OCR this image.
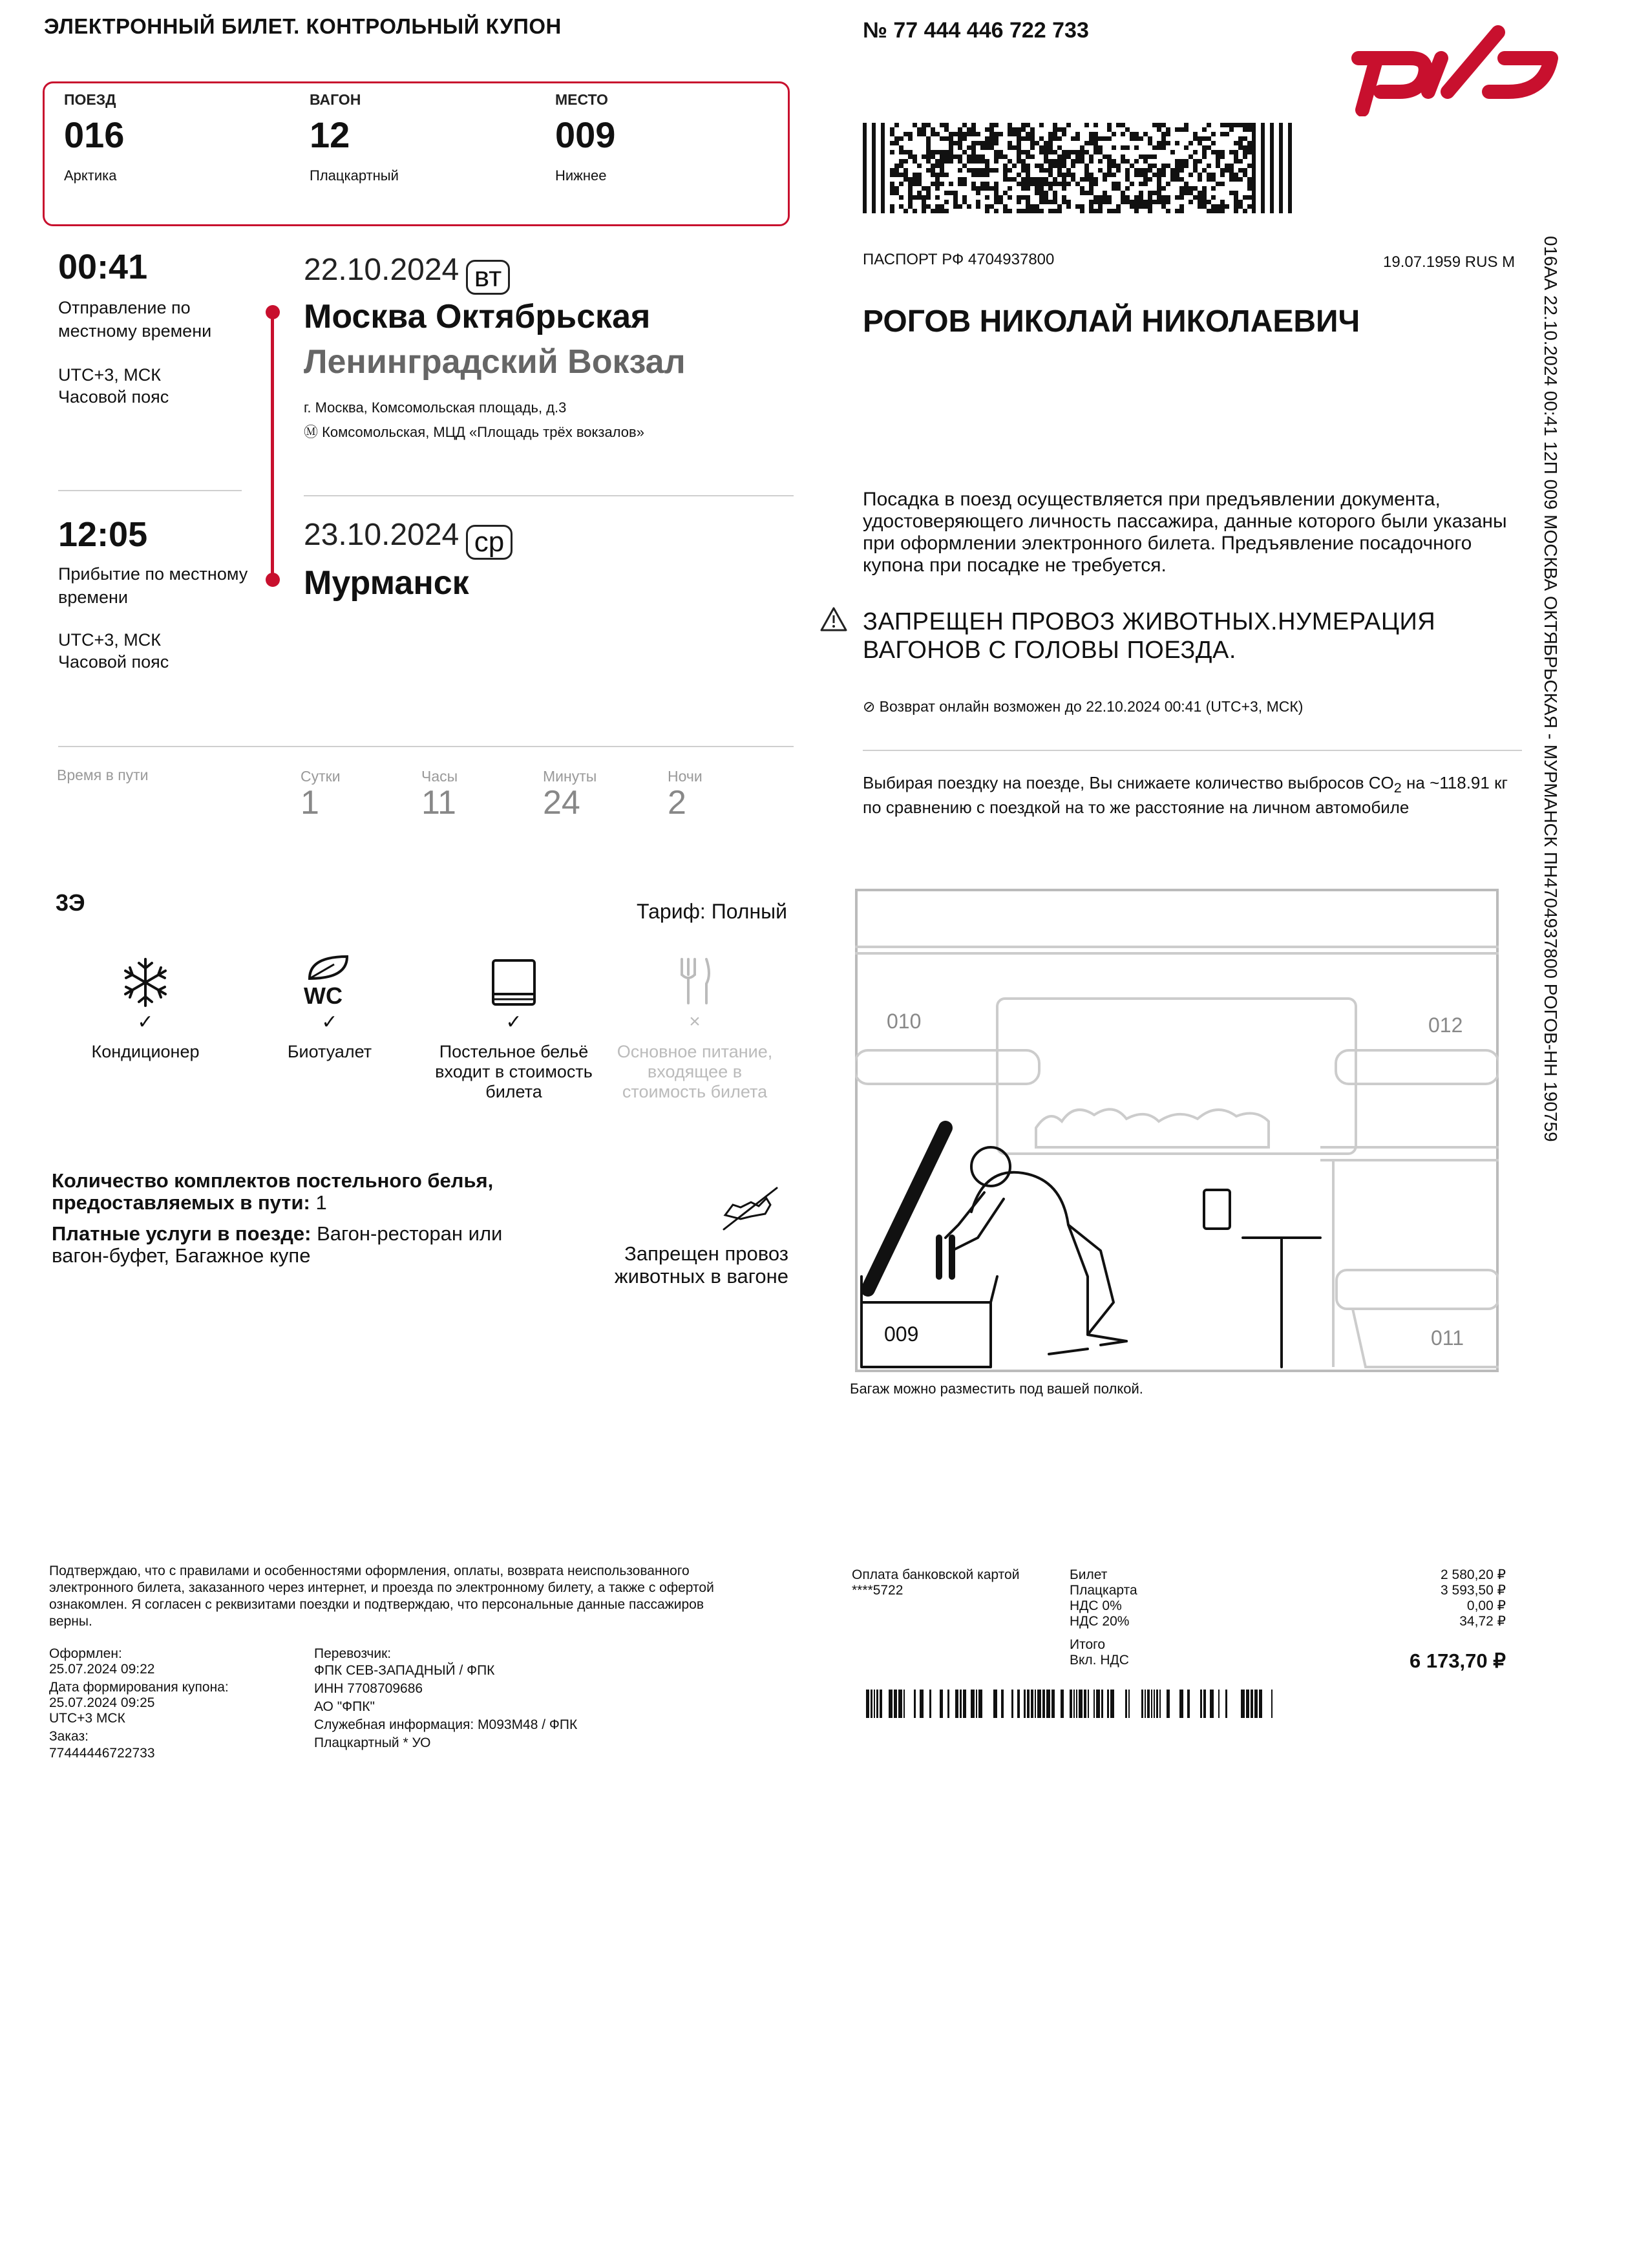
ЭЛЕКТРОННЫЙ БИЛЕТ. КОНТРОЛЬНЫЙ КУПОН	№ 77 444 446 722 733
ПОЕЗД
016
Арктика
ВАГОН
12
Плацкартный
МЕСТО
009
Нижнее
00:41
Отправление по местному времени
UTC+3, МСК
Часовой пояс
22.10.2024 вт
Москва Октябрьская
Ленинградский Вокзал
г. Москва, Комсомольская площадь, д.3
Ⓜ Комсомольская, МЦД «Площадь трёх вокзалов»
12:05
Прибытие по местному времени
UTC+3, МСК
Часовой пояс
23.10.2024 ср
Мурманск
Время в пути	Сутки
1
Часы
11
Минуты
24
Ночи
2
ПАСПОРТ РФ 4704937800	19.07.1959 RUS M
РОГОВ НИКОЛАЙ НИКОЛАЕВИЧ
Посадка в поезд осуществляется при предъявлении документа, удостоверяющего личность пассажира, данные которого были указаны при оформлении электронного билета. Предъявление посадочного купона при посадке не требуется.
ЗАПРЕЩЕН ПРОВОЗ ЖИВОТНЫХ.НУМЕРАЦИЯ ВАГОНОВ С ГОЛОВЫ ПОЕЗДА.
⊘ Возврат онлайн возможен до 22.10.2024 00:41 (UTC+3, МСК)
Выбирая поездку на поезде, Вы снижаете количество выбросов $CO_2$ на ~118.91 кг по сравнению с поездкой на то же расстояние на личном автомобиле
3Э	Тариф: Полный
✓
Кондиционер
WC
✓
Биотуалет
✓
Постельное бельё входит в стоимость билета
×
Основное питание, входящее в стоимость билета
Количество комплектов постельного белья, предоставляемых в пути: 1
Платные услуги в поезде: Вагон-ресторан или вагон-буфет, Багажное купе	Запрещен провоз животных в вагоне
010	012
009	011
Багаж можно разместить под вашей полкой.
Подтверждаю, что с правилами и особенностями оформления, оплаты, возврата неиспользованного электронного билета, заказанного через интернет, и проезда по электронному билету, а также с офертой ознакомлен. Я согласен с реквизитами поездки и подтверждаю, что персональные данные пассажиров верны.
Оформлен:
25.07.2024 09:22
Дата формирования купона:
25.07.2024 09:25
UTC+3 МСК
Заказ:
77444446722733
Перевозчик:
ФПК СЕВ-ЗАПАДНЫЙ / ФПК
ИНН 7708709686
АО "ФПК"
Служебная информация: М093М48 / ФПК
Плацкартный * УО
Оплата банковской картой
****5722
Билет	2 580,20 ₽
Плацкарта	3 593,50 ₽
НДС 0%	0,00 ₽
НДС 20%	34,72 ₽
Итого
Вкл. НДС	6 173,70 ₽
016АА 22.10.2024 00:41 12П 009 МОСКВА ОКТЯБРЬСКАЯ - МУРМАНСК ПН4704937800 РОГОВ-НН 190759
